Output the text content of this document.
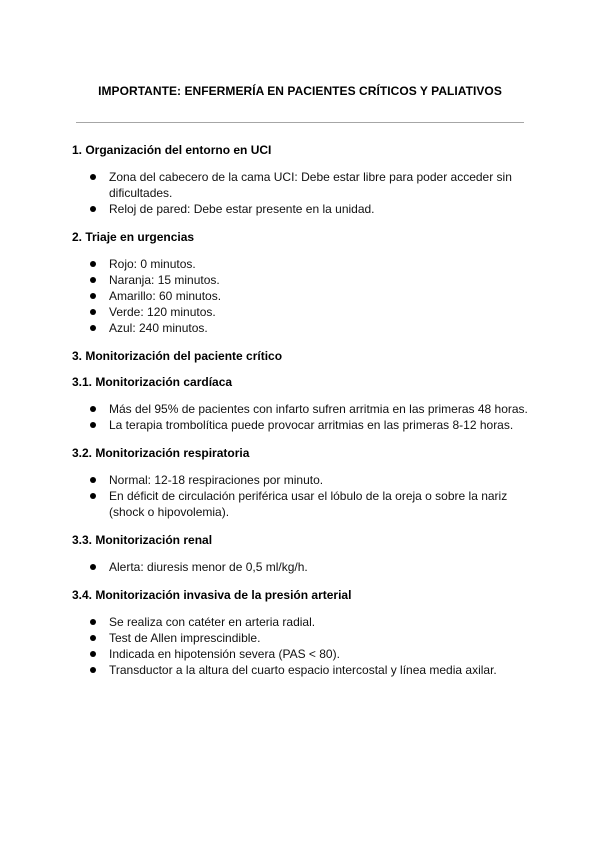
IMPORTANTE: ENFERMERÍA EN PACIENTES CRÍTICOS Y PALIATIVOS
1. Organización del entorno en UCI
Zona del cabecero de la cama UCI: Debe estar libre para poder acceder sin dificultades.
Reloj de pared: Debe estar presente en la unidad.
2. Triaje en urgencias
Rojo: 0 minutos.
Naranja: 15 minutos.
Amarillo: 60 minutos.
Verde: 120 minutos.
Azul: 240 minutos.
3. Monitorización del paciente crítico
3.1. Monitorización cardíaca
Más del 95% de pacientes con infarto sufren arritmia en las primeras 48 horas.
La terapia trombolítica puede provocar arritmias en las primeras 8-12 horas.
3.2. Monitorización respiratoria
Normal: 12-18 respiraciones por minuto.
En déficit de circulación periférica usar el lóbulo de la oreja o sobre la nariz (shock o hipovolemia).
3.3. Monitorización renal
Alerta: diuresis menor de 0,5 ml/kg/h.
3.4. Monitorización invasiva de la presión arterial
Se realiza con catéter en arteria radial.
Test de Allen imprescindible.
Indicada en hipotensión severa (PAS < 80).
Transductor a la altura del cuarto espacio intercostal y línea media axilar.
